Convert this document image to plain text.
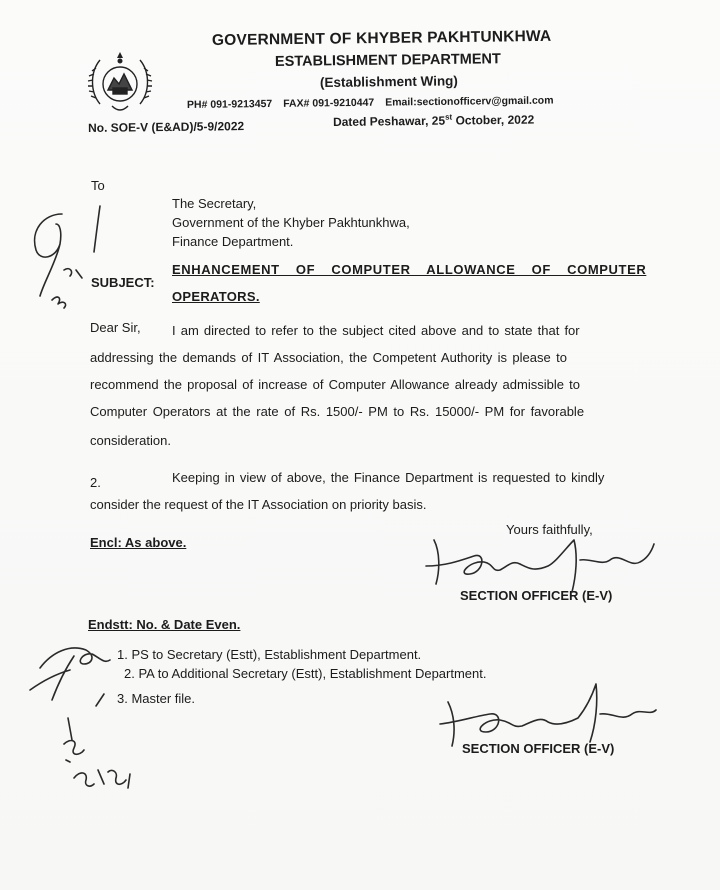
GOVERNMENT OF KHYBER PAKHTUNKHWA
ESTABLISHMENT DEPARTMENT
(Establishment Wing)
PH# 091-9213457 FAX# 091-9210447 Email:sectionofficerv@gmail.com
No. SOE-V (E&AD)/5-9/2022	Dated Peshawar, 25st October, 2022
To
The Secretary,
Government of the Khyber Pakhtunkhwa,
Finance Department.
SUBJECT:
ENHANCEMENT OF COMPUTER ALLOWANCE OF COMPUTER
OPERATORS.
Dear Sir, I am directed to refer to the subject cited above and to state that for
addressing the demands of IT Association, the Competent Authority is please to
recommend the proposal of increase of Computer Allowance already admissible to
Computer Operators at the rate of Rs. 1500/- PM to Rs. 15000/- PM for favorable
consideration.
2.	Keeping in view of above, the Finance Department is requested to kindly
consider the request of the IT Association on priority basis.
Yours faithfully,
Encl: As above.
SECTION OFFICER (E-V)
Endstt: No. & Date Even.
1. PS to Secretary (Estt), Establishment Department.
2. PA to Additional Secretary (Estt), Establishment Department.
3. Master file.
SECTION OFFICER (E-V)
